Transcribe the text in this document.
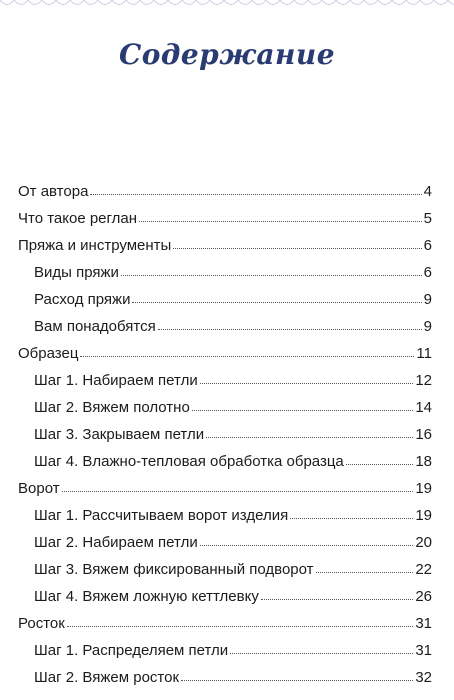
Содержание
От автора	4
Что такое реглан	5
Пряжа и инструменты	6
Виды пряжи	6
Расход пряжи	9
Вам понадобятся	9
Образец	11
Шаг 1. Набираем петли	12
Шаг 2. Вяжем полотно	14
Шаг 3. Закрываем петли	16
Шаг 4. Влажно-тепловая обработка образца	18
Ворот	19
Шаг 1. Рассчитываем ворот изделия	19
Шаг 2. Набираем петли	20
Шаг 3. Вяжем фиксированный подворот	22
Шаг 4. Вяжем ложную кеттлевку	26
Росток	31
Шаг 1. Распределяем петли	31
Шаг 2. Вяжем росток	32
